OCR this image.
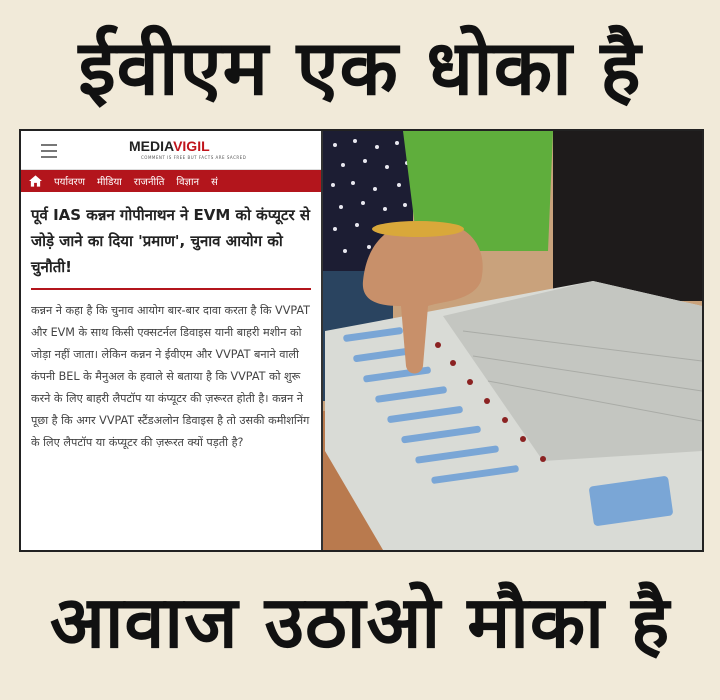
ईवीएम एक धोका है
MEDIAVIGIL
COMMENT IS FREE BUT FACTS ARE SACRED
पर्यावरण मीडिया राजनीति विज्ञान सं
पूर्व IAS कन्नन गोपीनाथन ने EVM को कंप्यूटर से जोड़े जाने का दिया 'प्रमाण', चुनाव आयोग को चुनौती!
कन्नन ने कहा है कि चुनाव आयोग बार-बार दावा करता है कि VVPAT और EVM के साथ किसी एक्सटर्नल डिवाइस यानी बाहरी मशीन को जोड़ा नहीं जाता। लेकिन कन्नन ने ईवीएम और VVPAT बनाने वाली कंपनी BEL के मैनुअल के हवाले से बताया है कि VVPAT को शुरू करने के लिए बाहरी लैपटॉप या कंप्यूटर की ज़रूरत होती है। कन्नन ने पूछा है कि अगर VVPAT स्टैंडअलोन डिवाइस है तो उसकी कमीशनिंग के लिए लैपटॉप या कंप्यूटर की ज़रूरत क्यों पड़ती है?
आवाज उठाओ मौका है
